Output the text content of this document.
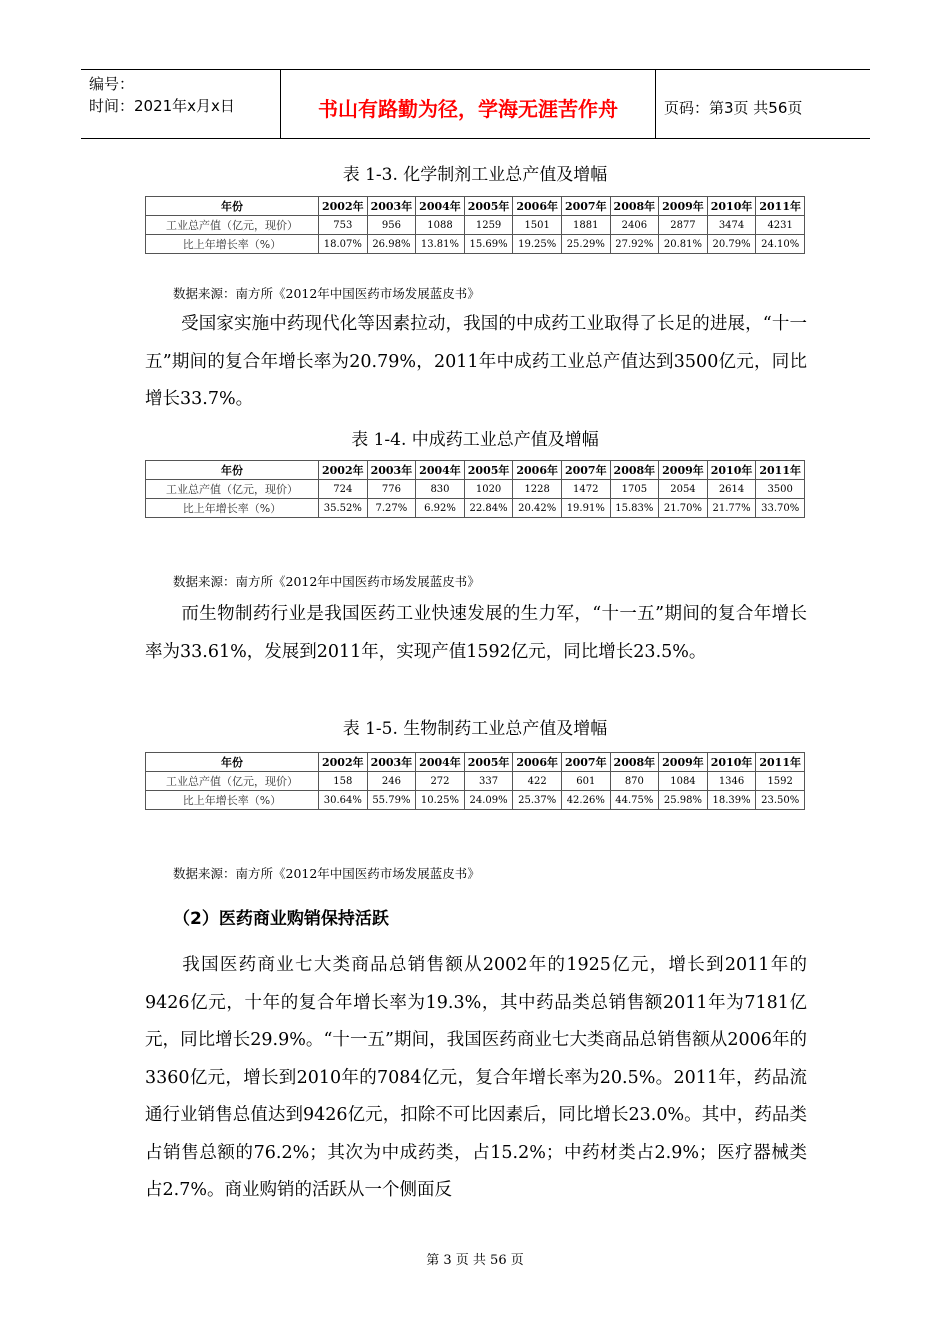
编号：
时间：2021年x月x日	书山有路勤为径，学海无涯苦作舟	页码：第3页 共56页
表 1-3. 化学制剂工业总产值及增幅
年份	2002年	2003年	2004年	2005年	2006年	2007年	2008年	2009年	2010年	2011年
工业总产值（亿元，现价）	753	956	1088	1259	1501	1881	2406	2877	3474	4231
比上年增长率（%）	18.07%	26.98%	13.81%	15.69%	19.25%	25.29%	27.92%	20.81%	20.79%	24.10%
数据来源：南方所《2012年中国医药市场发展蓝皮书》
受国家实施中药现代化等因素拉动，我国的中成药工业取得了长足的进展，“十一五”期间的复合年增长率为20.79%，2011年中成药工业总产值达到3500亿元，同比增长33.7%。
表 1-4. 中成药工业总产值及增幅
年份	2002年	2003年	2004年	2005年	2006年	2007年	2008年	2009年	2010年	2011年
工业总产值（亿元，现价）	724	776	830	1020	1228	1472	1705	2054	2614	3500
比上年增长率（%）	35.52%	7.27%	6.92%	22.84%	20.42%	19.91%	15.83%	21.70%	21.77%	33.70%
数据来源：南方所《2012年中国医药市场发展蓝皮书》
而生物制药行业是我国医药工业快速发展的生力军，“十一五”期间的复合年增长率为33.61%，发展到2011年，实现产值1592亿元，同比增长23.5%。
表 1-5. 生物制药工业总产值及增幅
年份	2002年	2003年	2004年	2005年	2006年	2007年	2008年	2009年	2010年	2011年
工业总产值（亿元，现价）	158	246	272	337	422	601	870	1084	1346	1592
比上年增长率（%）	30.64%	55.79%	10.25%	24.09%	25.37%	42.26%	44.75%	25.98%	18.39%	23.50%
数据来源：南方所《2012年中国医药市场发展蓝皮书》
（2）医药商业购销保持活跃
我国医药商业七大类商品总销售额从2002年的1925亿元，增长到2011年的9426亿元，十年的复合年增长率为19.3%，其中药品类总销售额2011年为7181亿元，同比增长29.9%。“十一五”期间，我国医药商业七大类商品总销售额从2006年的3360亿元，增长到2010年的7084亿元，复合年增长率为20.5%。2011年，药品流通行业销售总值达到9426亿元，扣除不可比因素后，同比增长23.0%。其中，药品类占销售总额的76.2%；其次为中成药类，占15.2%；中药材类占2.9%；医疗器械类占2.7%。商业购销的活跃从一个侧面反
第 3 页 共 56 页
